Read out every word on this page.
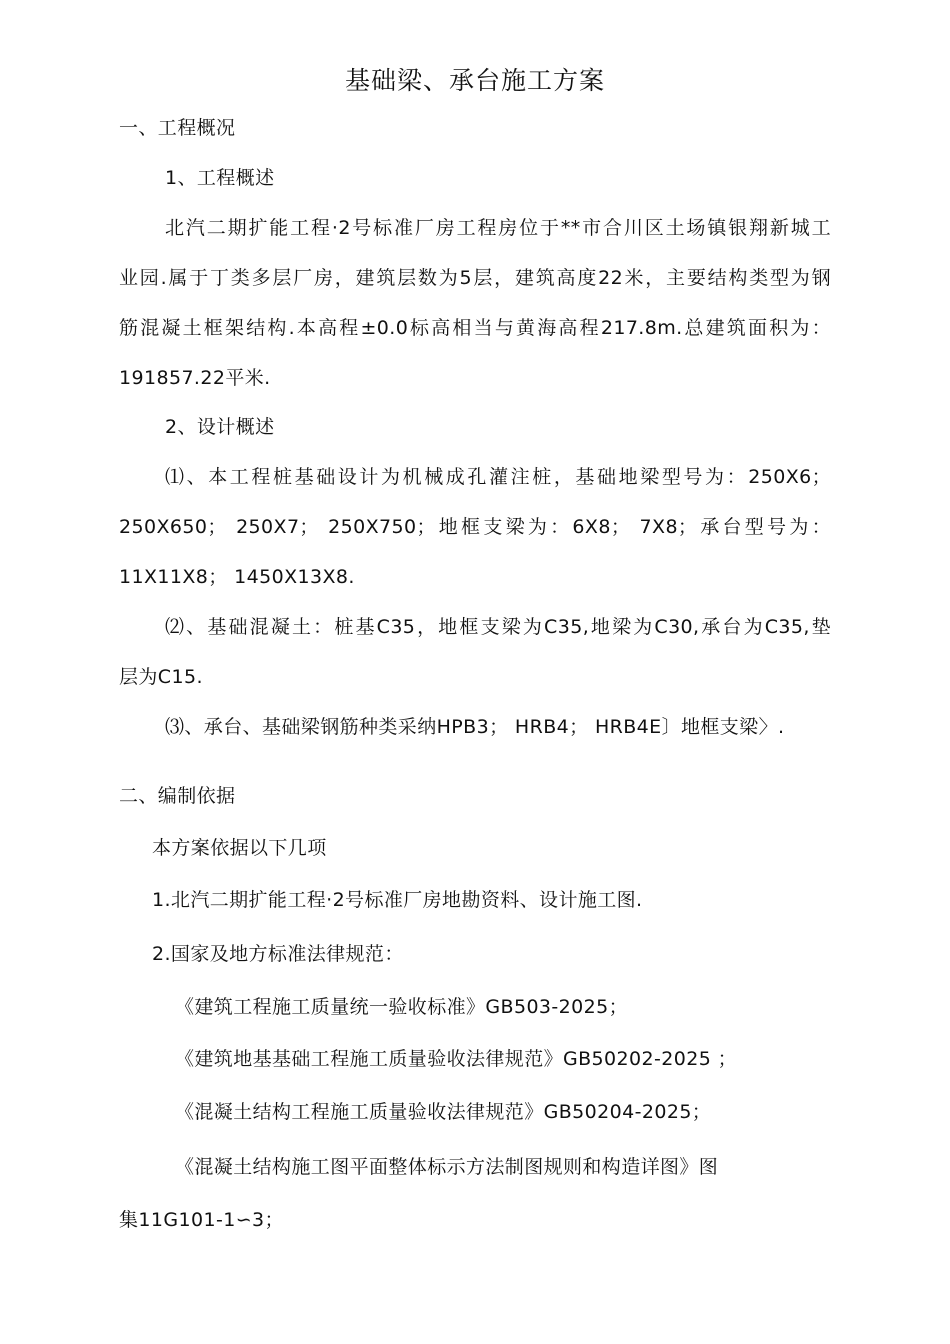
基础梁、承台施工方案
一、工程概况
1、工程概述
北汽二期扩能工程·2号标准厂房工程房位于**市合川区土场镇银翔新城工
业园.属于丁类多层厂房，建筑层数为5层，建筑高度22米，主要结构类型为钢
筋混凝土框架结构.本高程±0.0标高相当与黄海高程217.8m.总建筑面积为：
191857.22平米.
2、设计概述
⑴、本工程桩基础设计为机械成孔灌注桩，基础地梁型号为：250X6；
250X650； 250X7； 250X750；地框支梁为：6X8； 7X8；承台型号为：
11X11X8； 1450X13X8.
⑵、基础混凝土：桩基C35，地框支梁为C35,地梁为C30,承台为C35,垫
层为C15.
⑶、承台、基础梁钢筋种类采纳HPB3； HRB4； HRB4E〕地框支梁〉.
二、编制依据
本方案依据以下几项
1.北汽二期扩能工程·2号标准厂房地勘资料、设计施工图.
2.国家及地方标准法律规范：
《建筑工程施工质量统一验收标准》GB503-2025；
《建筑地基基础工程施工质量验收法律规范》GB50202-2025 ；
《混凝土结构工程施工质量验收法律规范》GB50204-2025；
《混凝土结构施工图平面整体标示方法制图规则和构造详图》图
集11G101-1∽3；
